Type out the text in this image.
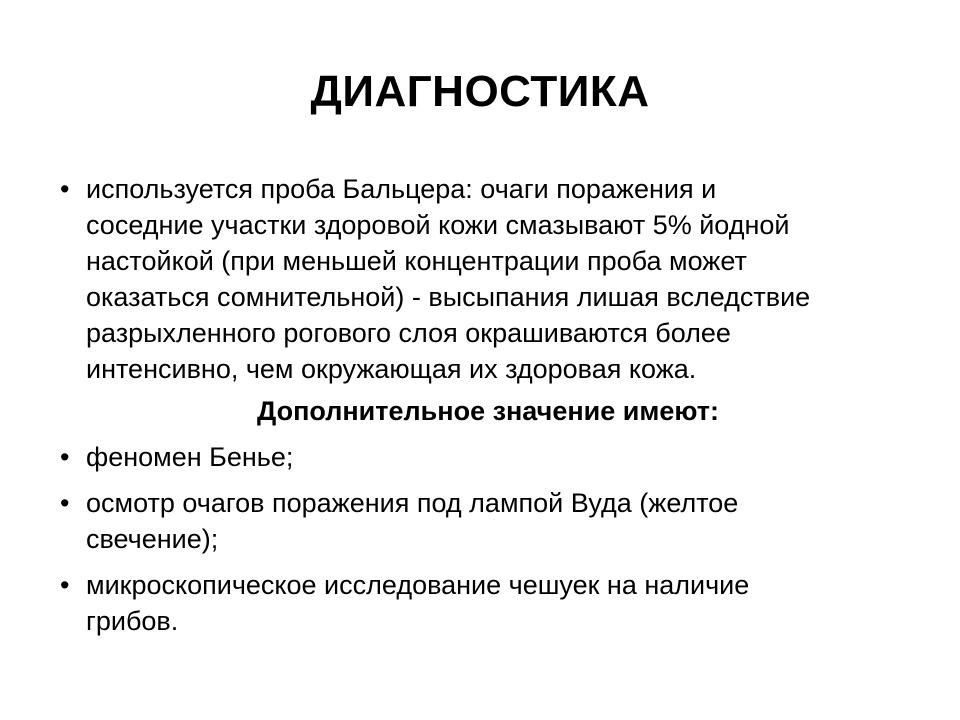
ДИАГНОСТИКА
• используется проба Бальцера: очаги поражения и
соседние участки здоровой кожи смазывают 5% йодной
настойкой (при меньшей концентрации проба может
оказаться сомнительной) - высыпания лишая вследствие
разрыхленного рогового слоя окрашиваются более
интенсивно, чем окружающая их здоровая кожа.
Дополнительное значение имеют:
• феномен Бенье;
• осмотр очагов поражения под лампой Вуда (желтое
свечение);
• микроскопическое исследование чешуек на наличие
грибов.
